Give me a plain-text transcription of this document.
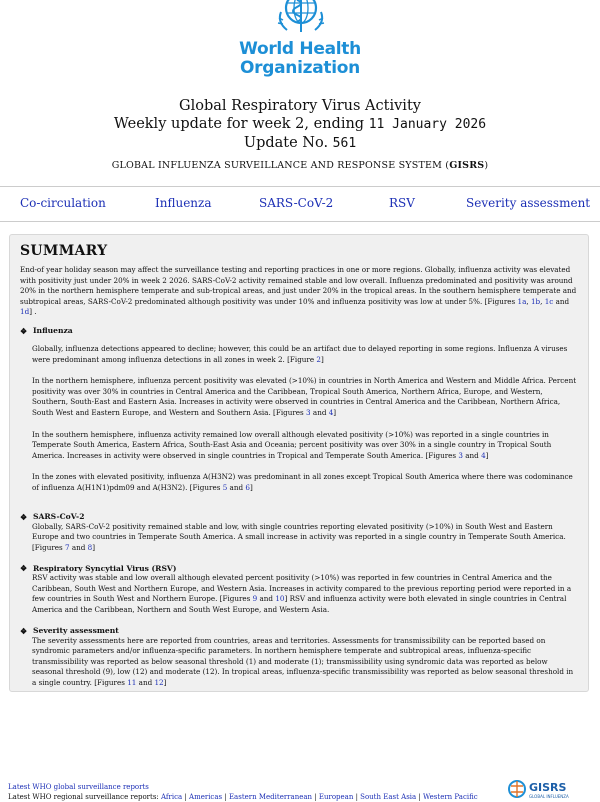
World Health
Organization
Global Respiratory Virus Activity
Weekly update for week 2, ending 11 January 2026
Update No. 561
GLOBAL INFLUENZA SURVEILLANCE AND RESPONSE SYSTEM (GISRS)
Co-circulation	Influenza	SARS-CoV-2	RSV	Severity assessment
SUMMARY

End-of year holiday season may affect the surveillance testing and reporting practices in one or more regions. Globally, influenza activity was elevated with positivity just under 20% in week 2 2026. SARS-CoV-2 activity remained stable and low overall. Influenza predominated and positivity was around 20% in the northern hemisphere temperate and sub-tropical areas, and just under 20% in the tropical areas. In the southern hemisphere temperate and subtropical areas, SARS-CoV-2 predominated although positivity was under 10% and influenza positivity was low at under 5%. [Figures 1a, 1b, 1c and 1d] .

❖ Influenza

Globally, influenza detections appeared to decline; however, this could be an artifact due to delayed reporting in some regions. Influenza A viruses were predominant among influenza detections in all zones in week 2. [Figure 2]

In the northern hemisphere, influenza percent positivity was elevated (>10%) in countries in North America and Western and Middle Africa. Percent positivity was over 30% in countries in Central America and the Caribbean, Tropical South America, Northern Africa, Europe, and Western, Southern, South-East and Eastern Asia. Increases in activity were observed in countries in Central America and the Caribbean, Northern Africa, South West and Eastern Europe, and Western and Southern Asia. [Figures 3 and 4]

In the southern hemisphere, influenza activity remained low overall although elevated positivity (>10%) was reported in a single countries in Temperate South America, Eastern Africa, South-East Asia and Oceania; percent positivity was over 30% in a single country in Tropical South America. Increases in activity were observed in single countries in Tropical and Temperate South America. [Figures 3 and 4]

In the zones with elevated positivity, influenza A(H3N2) was predominant in all zones except Tropical South America where there was codominance of influenza A(H1N1)pdm09 and A(H3N2). [Figures 5 and 6]

❖ SARS-CoV-2

Globally, SARS-CoV-2 positivity remained stable and low, with single countries reporting elevated positivity (>10%) in South West and Eastern Europe and two countries in Temperate South America. A small increase in activity was reported in a single country in Temperate South America. [Figures 7 and 8]

❖ Respiratory Syncytial Virus (RSV)

RSV activity was stable and low overall although elevated percent positivity (>10%) was reported in few countries in Central America and the Caribbean, South West and Northern Europe, and Western Asia. Increases in activity compared to the previous reporting period were reported in a few countries in South West and Northern Europe. [Figures 9 and 10] RSV and influenza activity were both elevated in single countries in Central America and the Caribbean, Northern and South West Europe, and Western Asia.

❖ Severity assessment

The severity assessments here are reported from countries, areas and territories. Assessments for transmissibility can be reported based on syndromic parameters and/or influenza-specific parameters. In northern hemisphere temperate and subtropical areas, influenza-specific transmissibility was reported as below seasonal threshold (1) and moderate (1); transmissibility using syndromic data was reported as below seasonal threshold (9), low (12) and moderate (12). In tropical areas, influenza-specific transmissibility was reported as below seasonal threshold in a single country. [Figures 11 and 12]

Latest WHO global surveillance reports
Latest WHO regional surveillance reports: Africa | Americas | Eastern Mediterranean | European | South East Asia | Western Pacific
GISRS
GLOBAL INFLUENZA
